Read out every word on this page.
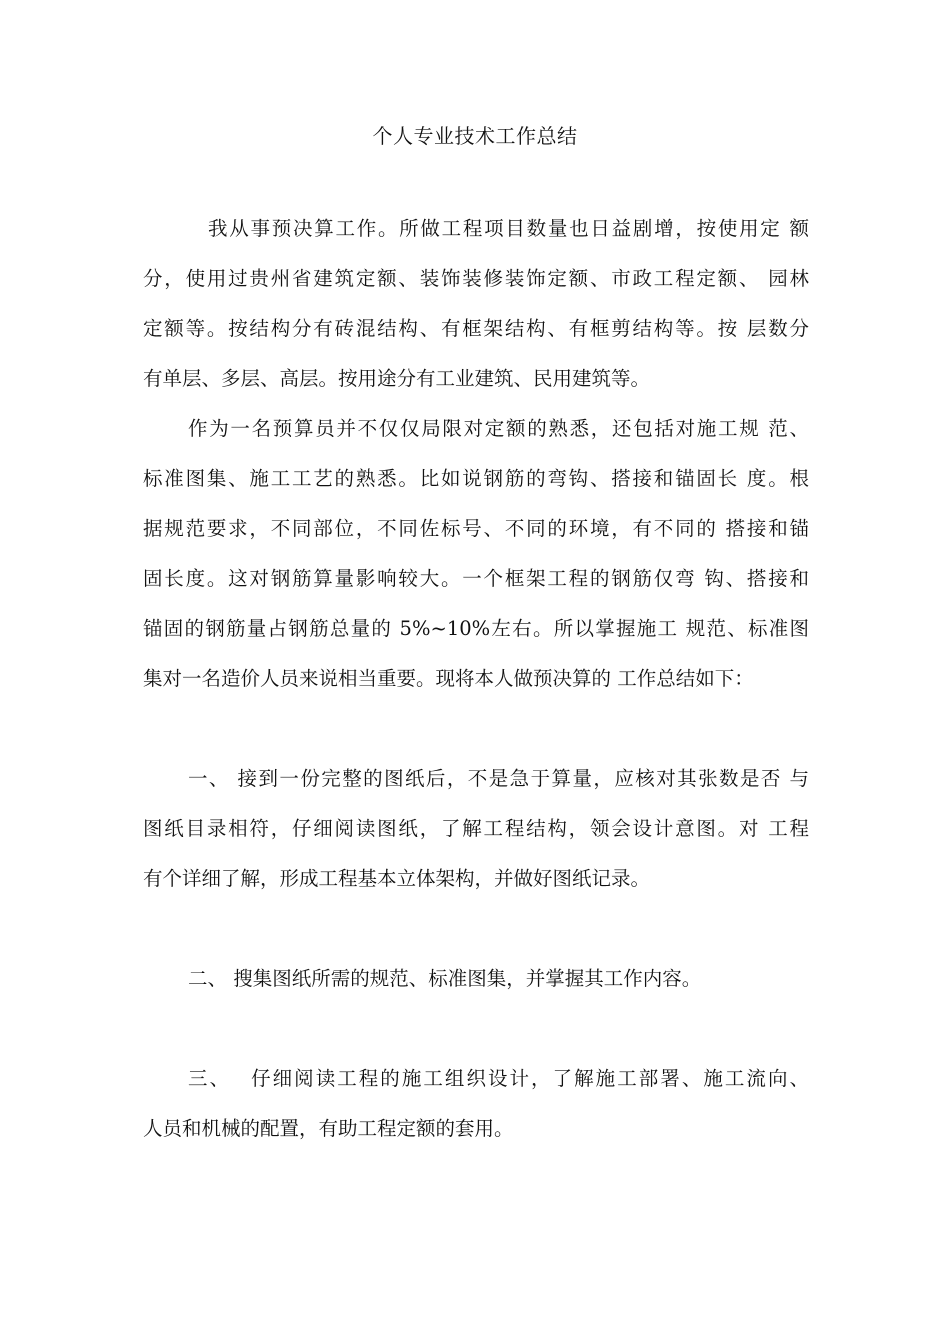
个人专业技术工作总结
我从事预决算工作。所做工程项目数量也日益剧增，按使用定 额
分，使用过贵州省建筑定额、装饰装修装饰定额、市政工程定额、 园林
定额等。按结构分有砖混结构、有框架结构、有框剪结构等。按 层数分
有单层、多层、高层。按用途分有工业建筑、民用建筑等。
作为一名预算员并不仅仅局限对定额的熟悉，还包括对施工规 范、
标准图集、施工工艺的熟悉。比如说钢筋的弯钩、搭接和锚固长 度。根
据规范要求，不同部位，不同佐标号、不同的环境，有不同的 搭接和锚
固长度。这对钢筋算量影响较大。一个框架工程的钢筋仅弯 钩、搭接和
锚固的钢筋量占钢筋总量的 5%~10%左右。所以掌握施工 规范、标准图
集对一名造价人员来说相当重要。现将本人做预决算的 工作总结如下：
一、 接到一份完整的图纸后，不是急于算量，应核对其张数是否 与
图纸目录相符，仔细阅读图纸，了解工程结构，领会设计意图。对 工程
有个详细了解，形成工程基本立体架构，并做好图纸记录。
二、 搜集图纸所需的规范、标准图集，并掌握其工作内容。
三、　 仔细阅读工程的施工组织设计，了解施工部署、施工流向、
人员和机械的配置，有助工程定额的套用。
